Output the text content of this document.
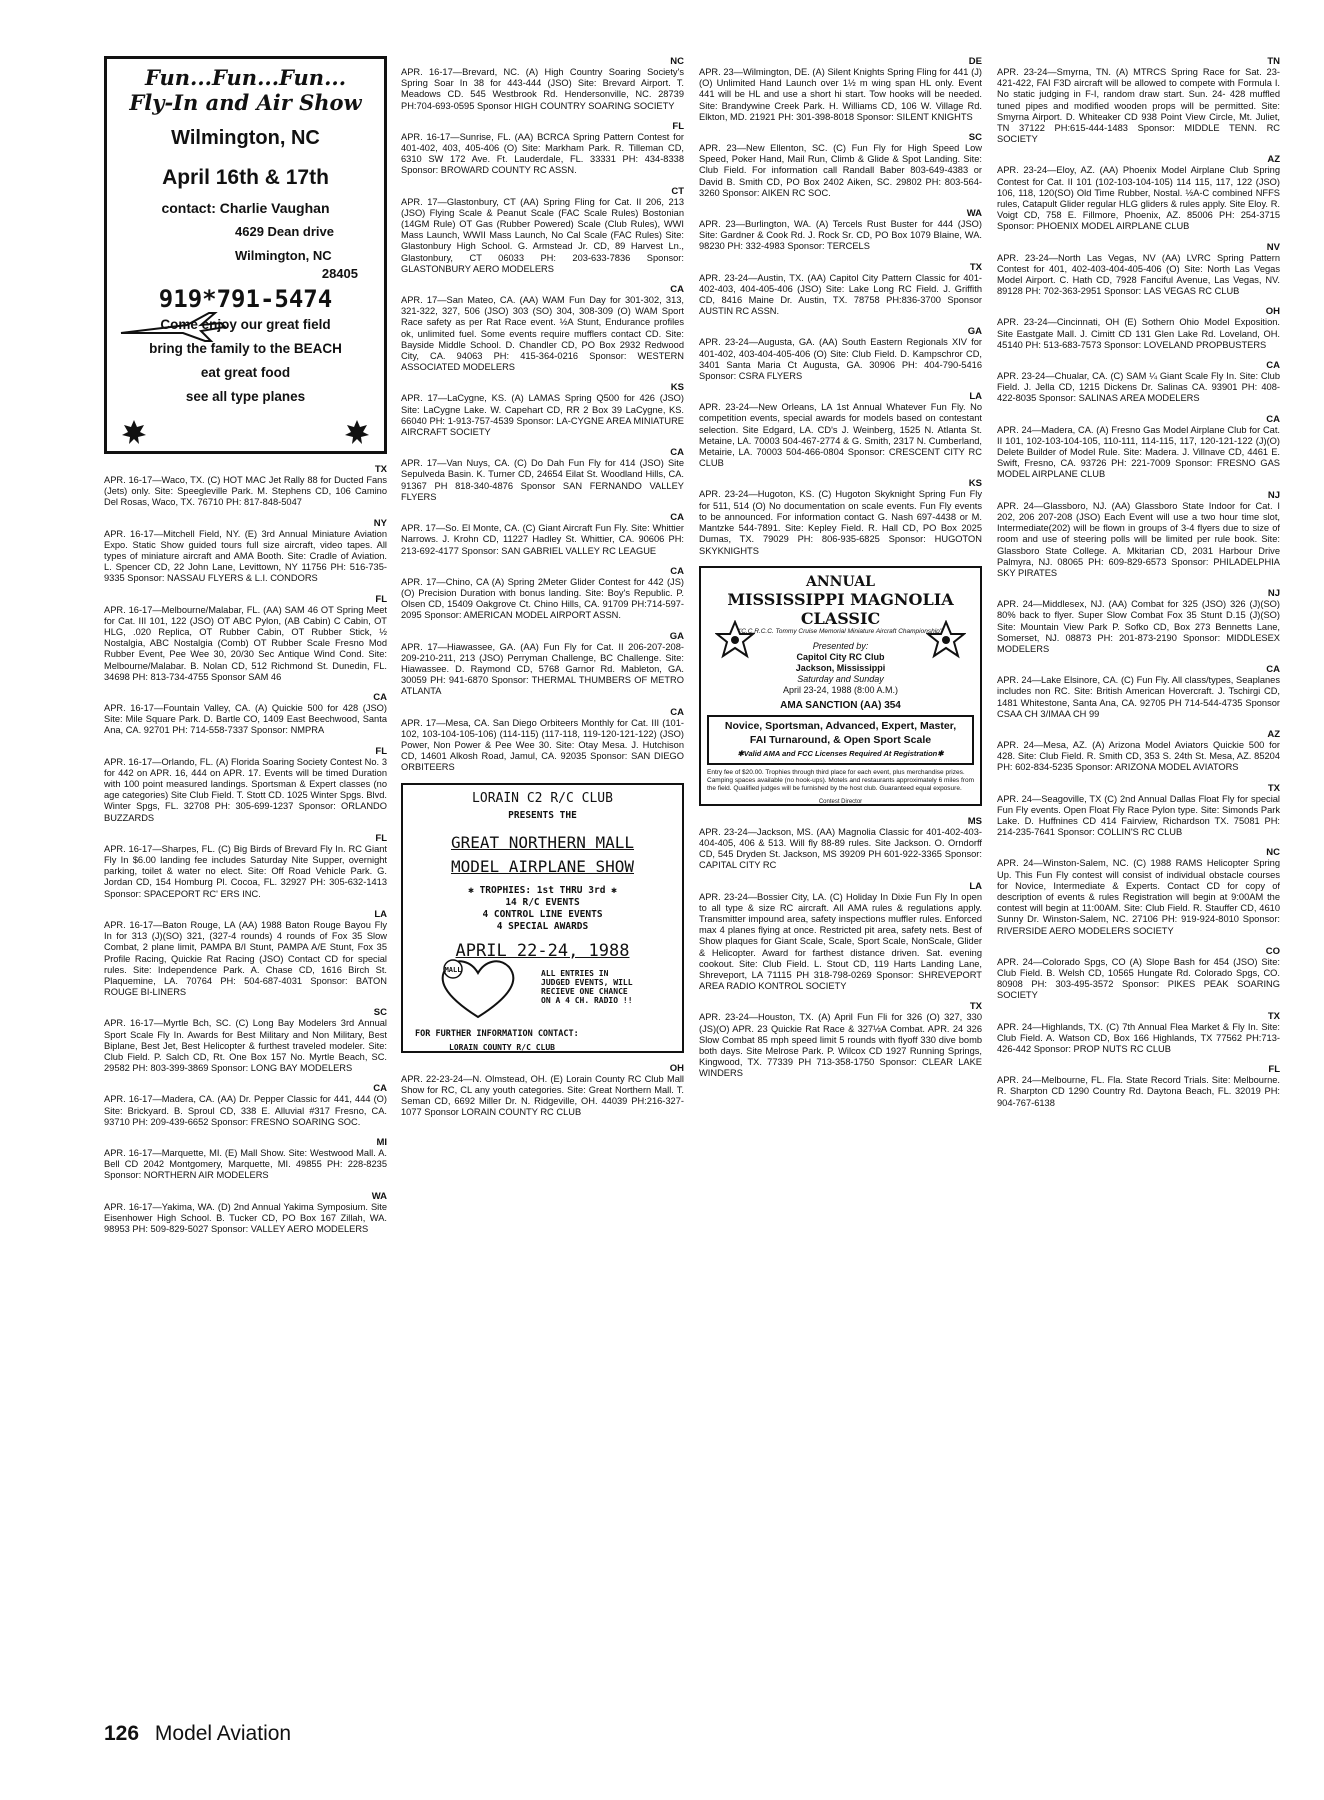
Fun...Fun...Fun...
Fly-In and Air Show
Wilmington, NC
April 16th & 17th
contact: Charlie Vaughan
4629 Dean drive
Wilmington, NC
28405
919*791-5474
Come enjoy our great field
bring the family to the BEACH
eat great food
see all type planes
TX
APR. 16-17—Waco, TX. (C) HOT MAC Jet Rally 88 for Ducted Fans (Jets) only. Site: Speegleville Park. M. Stephens CD, 106 Camino Del Rosas, Waco, TX. 76710 PH: 817-848-5047
NY
APR. 16-17—Mitchell Field, NY. (E) 3rd Annual Miniature Aviation Expo. Static Show guided tours full size aircraft, video tapes. All types of miniature aircraft and AMA Booth. Site: Cradle of Aviation. L. Spencer CD, 22 John Lane, Levittown, NY 11756 PH: 516-735-9335 Sponsor: NASSAU FLYERS & L.I. CONDORS
FL
APR. 16-17—Melbourne/Malabar, FL. (AA) SAM 46 OT Spring Meet for Cat. III 101, 122 (JSO) OT ABC Pylon, (AB Cabin) C Cabin, OT HLG, .020 Replica, OT Rubber Cabin, OT Rubber Stick, ½ Nostalgia, ABC Nostalgia (Comb) OT Rubber Scale Fresno Mod Rubber Event, Pee Wee 30, 20/30 Sec Antique Wind Cond. Site: Melbourne/Malabar. B. Nolan CD, 512 Richmond St. Dunedin, FL. 34698 PH: 813-734-4755 Sponsor SAM 46
CA
APR. 16-17—Fountain Valley, CA. (A) Quickie 500 for 428 (JSO) Site: Mile Square Park. D. Bartle CO, 1409 East Beechwood, Santa Ana, CA. 92701 PH: 714-558-7337 Sponsor: NMPRA
FL
APR. 16-17—Orlando, FL. (A) Florida Soaring Society Contest No. 3 for 442 on APR. 16, 444 on APR. 17. Events will be timed Duration with 100 point measured landings. Sportsman & Expert classes (no age categories) Site Club Field. T. Stott CD. 1025 Winter Spgs. Blvd. Winter Spgs, FL. 32708 PH: 305-699-1237 Sponsor: ORLANDO BUZZARDS
FL
APR. 16-17—Sharpes, FL. (C) Big Birds of Brevard Fly In. RC Giant Fly In $6.00 landing fee includes Saturday Nite Supper, overnight parking, toilet & water no elect. Site: Off Road Vehicle Park. G. Jordan CD, 154 Homburg Pl. Cocoa, FL. 32927 PH: 305-632-1413 Sponsor: SPACEPORT RC' ERS INC.
LA
APR. 16-17—Baton Rouge, LA (AA) 1988 Baton Rouge Bayou Fly In for 313 (J)(SO) 321, (327-4 rounds) 4 rounds of Fox 35 Slow Combat, 2 plane limit, PAMPA B/I Stunt, PAMPA A/E Stunt, Fox 35 Profile Racing, Quickie Rat Racing (JSO) Contact CD for special rules. Site: Independence Park. A. Chase CD, 1616 Birch St. Plaquemine, LA. 70764 PH: 504-687-4031 Sponsor: BATON ROUGE BI-LINERS
SC
APR. 16-17—Myrtle Bch, SC. (C) Long Bay Modelers 3rd Annual Sport Scale Fly In. Awards for Best Military and Non Military, Best Biplane, Best Jet, Best Helicopter & furthest traveled modeler. Site: Club Field. P. Salch CD, Rt. One Box 157 No. Myrtle Beach, SC. 29582 PH: 803-399-3869 Sponsor: LONG BAY MODELERS
CA
APR. 16-17—Madera, CA. (AA) Dr. Pepper Classic for 441, 444 (O) Site: Brickyard. B. Sproul CD, 338 E. Alluvial #317 Fresno, CA. 93710 PH: 209-439-6652 Sponsor: FRESNO SOARING SOC.
MI
APR. 16-17—Marquette, MI. (E) Mall Show. Site: Westwood Mall. A. Bell CD 2042 Montgomery, Marquette, MI. 49855 PH: 228-8235 Sponsor: NORTHERN AIR MODELERS
WA
APR. 16-17—Yakima, WA. (D) 2nd Annual Yakima Symposium. Site Eisenhower High School. B. Tucker CD, PO Box 167 Zillah, WA. 98953 PH: 509-829-5027 Sponsor: VALLEY AERO MODELERS
NC
APR. 16-17—Brevard, NC. (A) High Country Soaring Society's Spring Soar In 38 for 443-444 (JSO) Site: Brevard Airport. T. Meadows CD. 545 Westbrook Rd. Hendersonville, NC. 28739 PH:704-693-0595 Sponsor HIGH COUNTRY SOARING SOCIETY
FL
APR. 16-17—Sunrise, FL. (AA) BCRCA Spring Pattern Contest for 401-402, 403, 405-406 (O) Site: Markham Park. R. Tilleman CD, 6310 SW 172 Ave. Ft. Lauderdale, FL. 33331 PH: 434-8338 Sponsor: BROWARD COUNTY RC ASSN.
CT
APR. 17—Glastonbury, CT (AA) Spring Fling for Cat. II 206, 213 (JSO) Flying Scale & Peanut Scale (FAC Scale Rules) Bostonian (14GM Rule) OT Gas (Rubber Powered) Scale (Club Rules), WWI Mass Launch, WWII Mass Launch, No Cal Scale (FAC Rules) Site: Glastonbury High School. G. Armstead Jr. CD, 89 Harvest Ln., Glastonbury, CT 06033 PH: 203-633-7836 Sponsor: GLASTONBURY AERO MODELERS
CA
APR. 17—San Mateo, CA. (AA) WAM Fun Day for 301-302, 313, 321-322, 327, 506 (JSO) 303 (SO) 304, 308-309 (O) WAM Sport Race safety as per Rat Race event. ½A Stunt, Endurance profiles ok, unlimited fuel. Some events require mufflers contact CD. Site: Bayside Middle School. D. Chandler CD, PO Box 2932 Redwood City, CA. 94063 PH: 415-364-0216 Sponsor: WESTERN ASSOCIATED MODELERS
KS
APR. 17—LaCygne, KS. (A) LAMAS Spring Q500 for 426 (JSO) Site: LaCygne Lake. W. Capehart CD, RR 2 Box 39 LaCygne, KS. 66040 PH: 1-913-757-4539 Sponsor: LA-CYGNE AREA MINIATURE AIRCRAFT SOCIETY
CA
APR. 17—Van Nuys, CA. (C) Do Dah Fun Fly for 414 (JSO) Site Sepulveda Basin. K. Turner CD, 24654 Eilat St. Woodland Hills, CA. 91367 PH 818-340-4876 Sponsor SAN FERNANDO VALLEY FLYERS
CA
APR. 17—So. El Monte, CA. (C) Giant Aircraft Fun Fly. Site: Whittier Narrows. J. Krohn CD, 11227 Hadley St. Whittier, CA. 90606 PH: 213-692-4177 Sponsor: SAN GABRIEL VALLEY RC LEAGUE
CA
APR. 17—Chino, CA (A) Spring 2Meter Glider Contest for 442 (JS)(O) Precision Duration with bonus landing. Site: Boy's Republic. P. Olsen CD, 15409 Oakgrove Ct. Chino Hills, CA. 91709 PH:714-597-2095 Sponsor: AMERICAN MODEL AIRPORT ASSN.
GA
APR. 17—Hiawassee, GA. (AA) Fun Fly for Cat. II 206-207-208-209-210-211, 213 (JSO) Perryman Challenge, BC Challenge. Site: Hiawassee. D. Raymond CD, 5768 Garnor Rd. Mableton, GA. 30059 PH: 941-6870 Sponsor: THERMAL THUMBERS OF METRO ATLANTA
CA
APR. 17—Mesa, CA. San Diego Orbiteers Monthly for Cat. III (101-102, 103-104-105-106) (114-115) (117-118, 119-120-121-122) (JSO) Power, Non Power & Pee Wee 30. Site: Otay Mesa. J. Hutchison CD, 14601 Alkosh Road, Jamul, CA. 92035 Sponsor: SAN DIEGO ORBITEERS
LORAIN C2 R/C CLUB
PRESENTS THE
GREAT NORTHERN MALL
MODEL AIRPLANE SHOW
✱ TROPHIES: 1st THRU 3rd ✱
14 R/C EVENTS
4 CONTROL LINE EVENTS
4 SPECIAL AWARDS
APRIL 22-24, 1988
MALL	ALL ENTRIES IN JUDGED EVENTS, WILL RECIEVE ONE CHANCE ON A 4 CH. RADIO !!
FOR FURTHER INFORMATION CONTACT:
LORAIN COUNTY R/C CLUB
OH
APR. 22-23-24—N. Olmstead, OH. (E) Lorain County RC Club Mall Show for RC, CL any youth categories. Site: Great Northern Mall. T. Seman CD, 6692 Miller Dr. N. Ridgeville, OH. 44039 PH:216-327-1077 Sponsor LORAIN COUNTY RC CLUB
DE
APR. 23—Wilmington, DE. (A) Silent Knights Spring Fling for 441 (J)(O) Unlimited Hand Launch over 1½ m wing span HL only. Event 441 will be HL and use a short hi start. Tow hooks will be needed. Site: Brandywine Creek Park. H. Williams CD, 106 W. Village Rd. Elkton, MD. 21921 PH: 301-398-8018 Sponsor: SILENT KNIGHTS
SC
APR. 23—New Ellenton, SC. (C) Fun Fly for High Speed Low Speed, Poker Hand, Mail Run, Climb & Glide & Spot Landing. Site: Club Field. For information call Randall Baber 803-649-4383 or David B. Smith CD, PO Box 2402 Aiken, SC. 29802 PH: 803-564-3260 Sponsor: AIKEN RC SOC.
WA
APR. 23—Burlington, WA. (A) Tercels Rust Buster for 444 (JSO) Site: Gardner & Cook Rd. J. Rock Sr. CD, PO Box 1079 Blaine, WA. 98230 PH: 332-4983 Sponsor: TERCELS
TX
APR. 23-24—Austin, TX. (AA) Capitol City Pattern Classic for 401-402-403, 404-405-406 (JSO) Site: Lake Long RC Field. J. Griffith CD, 8416 Maine Dr. Austin, TX. 78758 PH:836-3700 Sponsor AUSTIN RC ASSN.
GA
APR. 23-24—Augusta, GA. (AA) South Eastern Regionals XIV for 401-402, 403-404-405-406 (O) Site: Club Field. D. Kampschror CD, 3401 Santa Maria Ct Augusta, GA. 30906 PH: 404-790-5416 Sponsor: CSRA FLYERS
LA
APR. 23-24—New Orleans, LA 1st Annual Whatever Fun Fly. No competition events, special awards for models based on contestant selection. Site Edgard, LA. CD's J. Weinberg, 1525 N. Atlanta St. Metaine, LA. 70003 504-467-2774 & G. Smith, 2317 N. Cumberland, Metairie, LA. 70003 504-466-0804 Sponsor: CRESCENT CITY RC CLUB
KS
APR. 23-24—Hugoton, KS. (C) Hugoton Skyknight Spring Fun Fly for 511, 514 (O) No documentation on scale events. Fun Fly events to be announced. For information contact G. Nash 697-4438 or M. Mantzke 544-7891. Site: Kepley Field. R. Hall CD, PO Box 2025 Dumas, TX. 79029 PH: 806-935-6825 Sponsor: HUGOTON SKYKNIGHTS
ANNUAL
MISSISSIPPI MAGNOLIA CLASSIC
"C.C.R.C.C. Tommy Cruise Memorial Miniature Aircraft Championship"
Presented by:
Capitol City RC Club
Jackson, Mississippi
Saturday and Sunday
April 23-24, 1988 (8:00 A.M.)
AMA SANCTION (AA) 354
Novice, Sportsman, Advanced, Expert, Master,
FAI Turnaround, & Open Sport Scale
✱Valid AMA and FCC Licenses Required At Registration✱
Entry fee of $20.00. Trophies through third place for each event, plus merchandise prizes. Camping spaces available (no hook-ups). Motels and restaurants approximately 6 miles from the field. Qualified judges will be furnished by the host club. Guaranteed equal exposure.
Contest Director
MS
APR. 23-24—Jackson, MS. (AA) Magnolia Classic for 401-402-403-404-405, 406 & 513. Will fly 88-89 rules. Site Jackson. O. Orndorff CD, 545 Dryden St. Jackson, MS 39209 PH 601-922-3365 Sponsor: CAPITAL CITY RC
LA
APR. 23-24—Bossier City, LA. (C) Holiday In Dixie Fun Fly In open to all type & size RC aircraft. All AMA rules & regulations apply. Transmitter impound area, safety inspections muffler rules. Enforced max 4 planes flying at once. Restricted pit area, safety nets. Best of Show plaques for Giant Scale, Scale, Sport Scale, NonScale, Glider & Helicopter. Award for farthest distance driven. Sat. evening cookout. Site: Club Field. L. Stout CD, 119 Harts Landing Lane, Shreveport, LA 71115 PH 318-798-0269 Sponsor: SHREVEPORT AREA RADIO KONTROL SOCIETY
TX
APR. 23-24—Houston, TX. (A) April Fun Fli for 326 (O) 327, 330 (JS)(O) APR. 23 Quickie Rat Race & 327½A Combat. APR. 24 326 Slow Combat 85 mph speed limit 5 rounds with flyoff 330 dive bomb both days. Site Melrose Park. P. Wilcox CD 1927 Running Springs, Kingwood, TX. 77339 PH 713-358-1750 Sponsor: CLEAR LAKE WINDERS
TN
APR. 23-24—Smyrna, TN. (A) MTRCS Spring Race for Sat. 23- 421-422, FAI F3D aircraft will be allowed to compete with Formula I. No static judging in F-I, random draw start. Sun. 24- 428 muffled tuned pipes and modified wooden props will be permitted. Site: Smyrna Airport. D. Whiteaker CD 938 Point View Circle, Mt. Juliet, TN 37122 PH:615-444-1483 Sponsor: MIDDLE TENN. RC SOCIETY
AZ
APR. 23-24—Eloy, AZ. (AA) Phoenix Model Airplane Club Spring Contest for Cat. II 101 (102-103-104-105) 114 115, 117, 122 (JSO) 106, 118, 120(SO) Old Time Rubber, Nostal. ½A-C combined NFFS rules, Catapult Glider regular HLG gliders & rules apply. Site Eloy. R. Voigt CD, 758 E. Fillmore, Phoenix, AZ. 85006 PH: 254-3715 Sponsor: PHOENIX MODEL AIRPLANE CLUB
NV
APR. 23-24—North Las Vegas, NV (AA) LVRC Spring Pattern Contest for 401, 402-403-404-405-406 (O) Site: North Las Vegas Model Airport. C. Hath CD, 7928 Fanciful Avenue, Las Vegas, NV. 89128 PH: 702-363-2951 Sponsor: LAS VEGAS RC CLUB
OH
APR. 23-24—Cincinnati, OH (E) Sothern Ohio Model Exposition. Site Eastgate Mall. J. Cimitt CD 131 Glen Lake Rd. Loveland, OH. 45140 PH: 513-683-7573 Sponsor: LOVELAND PROPBUSTERS
CA
APR. 23-24—Chualar, CA. (C) SAM ¼ Giant Scale Fly In. Site: Club Field. J. Jella CD, 1215 Dickens Dr. Salinas CA. 93901 PH: 408-422-8035 Sponsor: SALINAS AREA MODELERS
CA
APR. 24—Madera, CA. (A) Fresno Gas Model Airplane Club for Cat. II 101, 102-103-104-105, 110-111, 114-115, 117, 120-121-122 (J)(O) Delete Builder of Model Rule. Site: Madera. J. Villnave CD, 4461 E. Swift, Fresno, CA. 93726 PH: 221-7009 Sponsor: FRESNO GAS MODEL AIRPLANE CLUB
NJ
APR. 24—Glassboro, NJ. (AA) Glassboro State Indoor for Cat. I 202, 206 207-208 (JSO) Each Event will use a two hour time slot, Intermediate(202) will be flown in groups of 3-4 flyers due to size of room and use of steering polls will be limited per rule book. Site: Glassboro State College. A. Mkitarian CD, 2031 Harbour Drive Palmyra, NJ. 08065 PH: 609-829-6573 Sponsor: PHILADELPHIA SKY PIRATES
NJ
APR. 24—Middlesex, NJ. (AA) Combat for 325 (JSO) 326 (J)(SO) 80% back to flyer. Super Slow Combat Fox 35 Stunt D.15 (J)(SO) Site: Mountain View Park P. Sofko CD, Box 273 Bennetts Lane, Somerset, NJ. 08873 PH: 201-873-2190 Sponsor: MIDDLESEX MODELERS
CA
APR. 24—Lake Elsinore, CA. (C) Fun Fly. All class/types, Seaplanes includes non RC. Site: British American Hovercraft. J. Tschirgi CD, 1481 Whitestone, Santa Ana, CA. 92705 PH 714-544-4735 Sponsor CSAA CH 3/IMAA CH 99
AZ
APR. 24—Mesa, AZ. (A) Arizona Model Aviators Quickie 500 for 428. Site: Club Field. R. Smith CD, 353 S. 24th St. Mesa, AZ. 85204 PH: 602-834-5235 Sponsor: ARIZONA MODEL AVIATORS
TX
APR. 24—Seagoville, TX (C) 2nd Annual Dallas Float Fly for special Fun Fly events. Open Float Fly Race Pylon type. Site: Simonds Park Lake. D. Huffnines CD 414 Fairview, Richardson TX. 75081 PH: 214-235-7641 Sponsor: COLLIN'S RC CLUB
NC
APR. 24—Winston-Salem, NC. (C) 1988 RAMS Helicopter Spring Up. This Fun Fly contest will consist of individual obstacle courses for Novice, Intermediate & Experts. Contact CD for copy of description of events & rules Registration will begin at 9:00AM the contest will begin at 11:00AM. Site: Club Field. R. Stauffer CD, 4610 Sunny Dr. Winston-Salem, NC. 27106 PH: 919-924-8010 Sponsor: RIVERSIDE AERO MODELERS SOCIETY
CO
APR. 24—Colorado Spgs, CO (A) Slope Bash for 454 (JSO) Site: Club Field. B. Welsh CD, 10565 Hungate Rd. Colorado Spgs, CO. 80908 PH: 303-495-3572 Sponsor: PIKES PEAK SOARING SOCIETY
TX
APR. 24—Highlands, TX. (C) 7th Annual Flea Market & Fly In. Site: Club Field. A. Watson CD, Box 166 Highlands, TX 77562 PH:713-426-442 Sponsor: PROP NUTS RC CLUB
FL
APR. 24—Melbourne, FL. Fla. State Record Trials. Site: Melbourne. R. Sharpton CD 1290 Country Rd. Daytona Beach, FL. 32019 PH: 904-767-6138
126 Model Aviation
